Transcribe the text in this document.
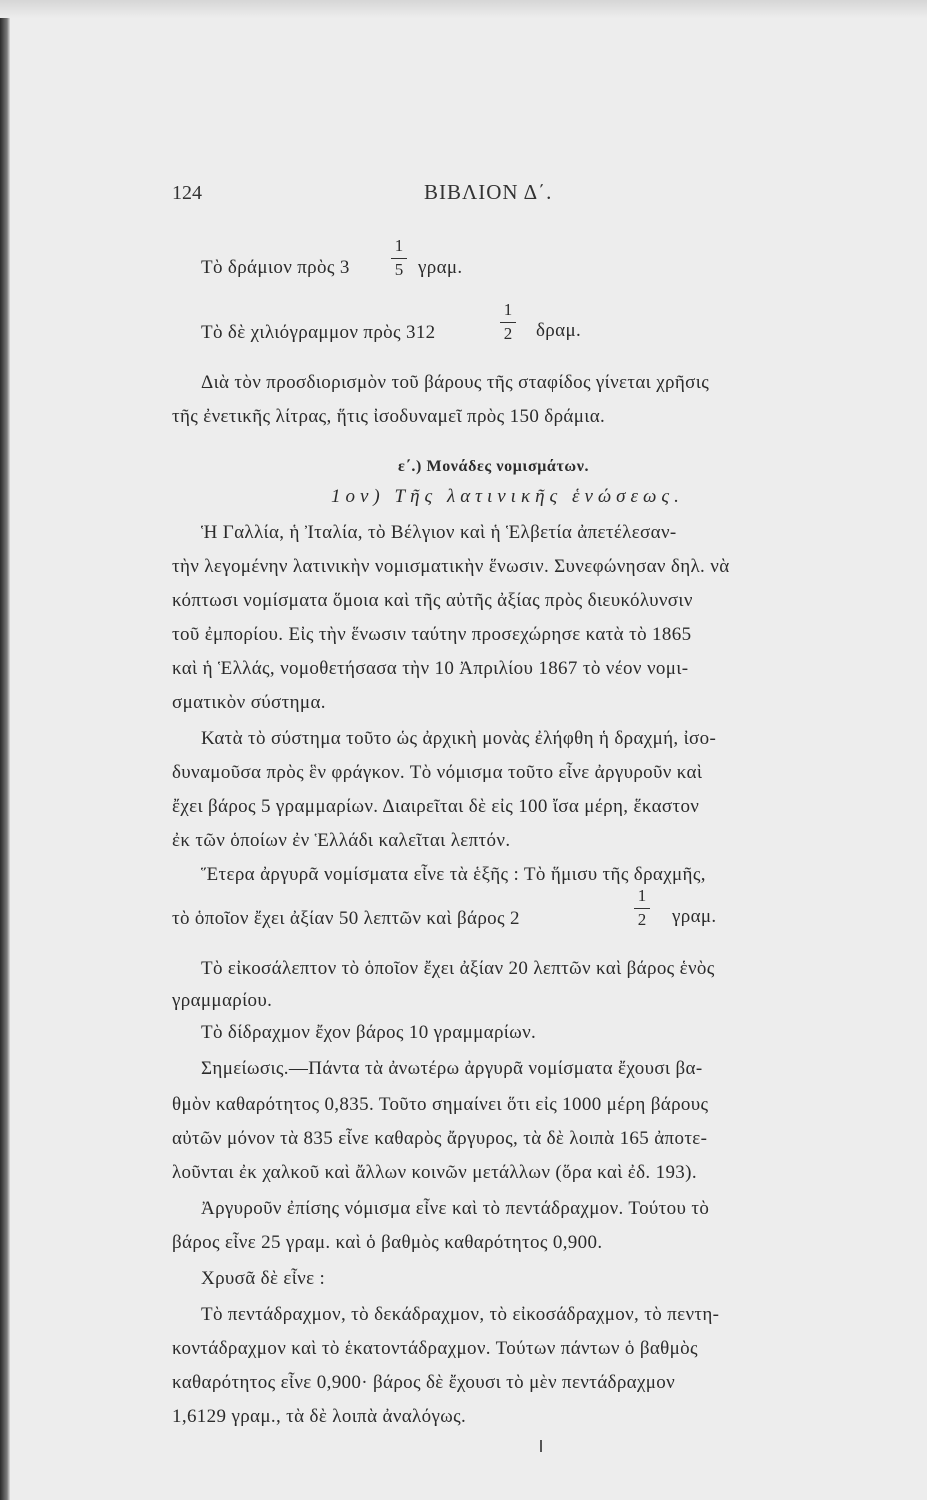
124	ΒΙΒΛΙΟΝ Δ΄.
Τὸ δράμιον πρὸς 3
1
5 γραμ.
Τὸ δὲ χιλιόγραμμον πρὸς 312
1
2 δραμ.
Διὰ τὸν προσδιορισμὸν τοῦ βάρους τῆς σταφίδος γίνεται χρῆσις
τῆς ἐνετικῆς λίτρας, ἥτις ἰσοδυναμεῖ πρὸς 150 δράμια.
ε΄.) Μονάδες νομισμάτων.
1ον) Τῆς λατινικῆς ἑνώσεως.
Ἡ Γαλλία, ἡ Ἰταλία, τὸ Βέλγιον καὶ ἡ Ἑλβετία ἀπετέλεσαν-
τὴν λεγομένην λατινικὴν νομισματικὴν ἕνωσιν. Συνεφώνησαν δηλ. νὰ
κόπτωσι νομίσματα ὅμοια καὶ τῆς αὐτῆς ἀξίας πρὸς διευκόλυνσιν
τοῦ ἐμπορίου. Εἰς τὴν ἕνωσιν ταύτην προσεχώρησε κατὰ τὸ 1865
καὶ ἡ Ἑλλάς, νομοθετήσασα τὴν 10 Ἀπριλίου 1867 τὸ νέον νομι-
σματικὸν σύστημα.
Κατὰ τὸ σύστημα τοῦτο ὡς ἀρχικὴ μονὰς ἐλήφθη ἡ δραχμή, ἰσο-
δυναμοῦσα πρὸς ἓν φράγκον. Τὸ νόμισμα τοῦτο εἶνε ἀργυροῦν καὶ
ἔχει βάρος 5 γραμμαρίων. Διαιρεῖται δὲ εἰς 100 ἴσα μέρη, ἕκαστον
ἐκ τῶν ὁποίων ἐν Ἑλλάδι καλεῖται λεπτόν.
Ἕτερα ἀργυρᾶ νομίσματα εἶνε τὰ ἑξῆς : Τὸ ἥμισυ τῆς δραχμῆς,
τὸ ὁποῖον ἔχει ἀξίαν 50 λεπτῶν καὶ βάρος 2
1
2 γραμ.
Τὸ εἰκοσάλεπτον τὸ ὁποῖον ἔχει ἀξίαν 20 λεπτῶν καὶ βάρος ἑνὸς
γραμμαρίου.
Τὸ δίδραχμον ἔχον βάρος 10 γραμμαρίων.
Σημείωσις.—Πάντα τὰ ἀνωτέρω ἀργυρᾶ νομίσματα ἔχουσι βα-
θμὸν καθαρότητος 0,835. Τοῦτο σημαίνει ὅτι εἰς 1000 μέρη βάρους
αὐτῶν μόνον τὰ 835 εἶνε καθαρὸς ἄργυρος, τὰ δὲ λοιπὰ 165 ἀποτε-
λοῦνται ἐκ χαλκοῦ καὶ ἄλλων κοινῶν μετάλλων (ὅρα καὶ ἐδ. 193).
Ἀργυροῦν ἐπίσης νόμισμα εἶνε καὶ τὸ πεντάδραχμον. Τούτου τὸ
βάρος εἶνε 25 γραμ. καὶ ὁ βαθμὸς καθαρότητος 0,900.
Χρυσᾶ δὲ εἶνε :
Τὸ πεντάδραχμον, τὸ δεκάδραχμον, τὸ εἰκοσάδραχμον, τὸ πεντη-
κοντάδραχμον καὶ τὸ ἑκατοντάδραχμον. Τούτων πάντων ὁ βαθμὸς
καθαρότητος εἶνε 0,900· βάρος δὲ ἔχουσι τὸ μὲν πεντάδραχμον
1,6129 γραμ., τὰ δὲ λοιπὰ ἀναλόγως.
